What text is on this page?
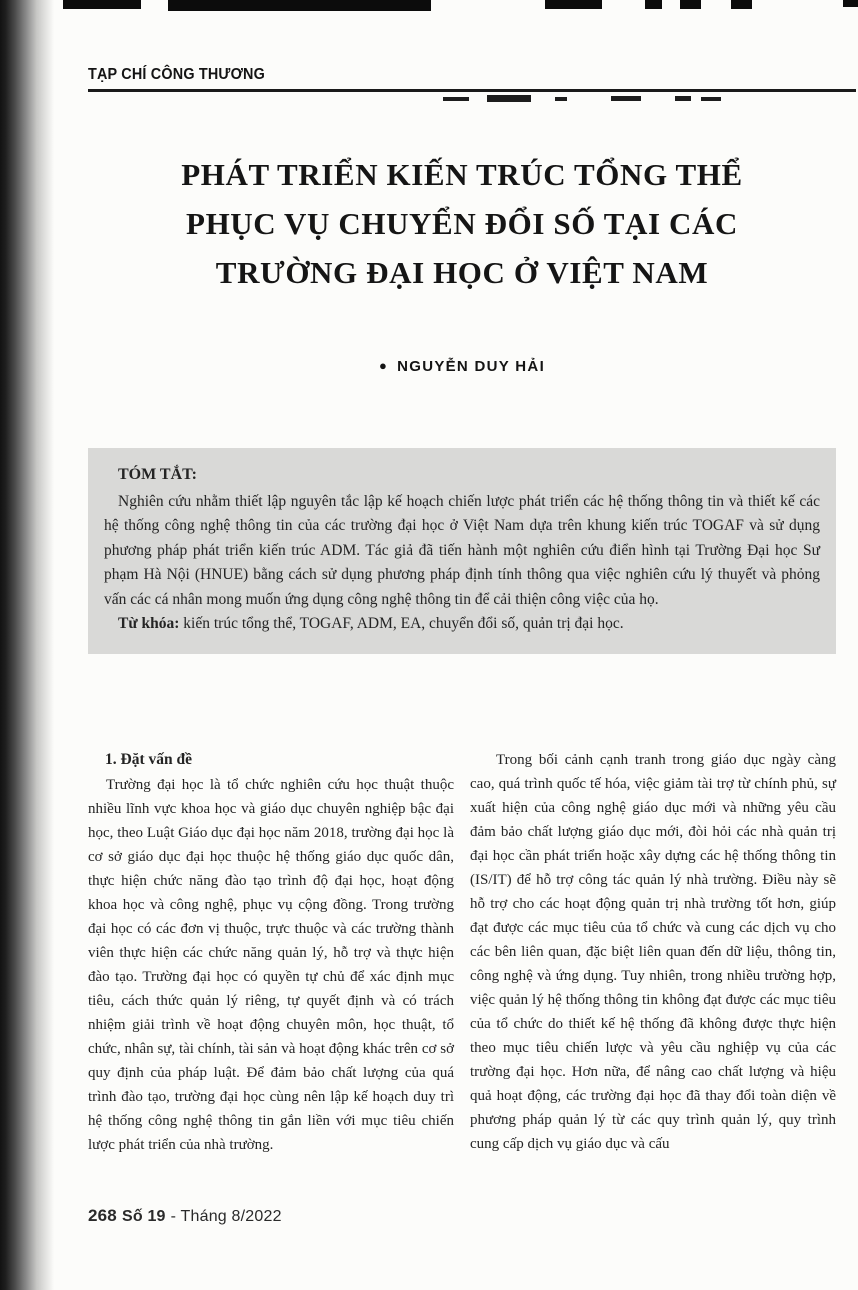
TẠP CHÍ CÔNG THƯƠNG
PHÁT TRIỂN KIẾN TRÚC TỔNG THỂ
PHỤC VỤ CHUYỂN ĐỔI SỐ TẠI CÁC
TRƯỜNG ĐẠI HỌC Ở VIỆT NAM
● NGUYỄN DUY HẢI
TÓM TẮT:

Nghiên cứu nhằm thiết lập nguyên tắc lập kế hoạch chiến lược phát triển các hệ thống thông tin và thiết kế các hệ thống công nghệ thông tin của các trường đại học ở Việt Nam dựa trên khung kiến trúc TOGAF và sử dụng phương pháp phát triển kiến trúc ADM. Tác giả đã tiến hành một nghiên cứu điển hình tại Trường Đại học Sư phạm Hà Nội (HNUE) bằng cách sử dụng phương pháp định tính thông qua việc nghiên cứu lý thuyết và phỏng vấn các cá nhân mong muốn ứng dụng công nghệ thông tin để cải thiện công việc của họ.

Từ khóa: kiến trúc tổng thể, TOGAF, ADM, EA, chuyển đổi số, quản trị đại học.

1. Đặt vấn đề

Trường đại học là tổ chức nghiên cứu học thuật thuộc nhiều lĩnh vực khoa học và giáo dục chuyên nghiệp bậc đại học, theo Luật Giáo dục đại học năm 2018, trường đại học là cơ sở giáo dục đại học thuộc hệ thống giáo dục quốc dân, thực hiện chức năng đào tạo trình độ đại học, hoạt động khoa học và công nghệ, phục vụ cộng đồng. Trong trường đại học có các đơn vị thuộc, trực thuộc và các trường thành viên thực hiện các chức năng quản lý, hỗ trợ và thực hiện đào tạo. Trường đại học có quyền tự chủ để xác định mục tiêu, cách thức quản lý riêng, tự quyết định và có trách nhiệm giải trình về hoạt động chuyên môn, học thuật, tổ chức, nhân sự, tài chính, tài sản và hoạt động khác trên cơ sở quy định của pháp luật. Để đảm bảo chất lượng của quá trình đào tạo, trường đại học cùng nên lập kế hoạch duy trì hệ thống công nghệ thông tin gắn liền với mục tiêu chiến lược phát triển của nhà trường.

Trong bối cảnh cạnh tranh trong giáo dục ngày càng cao, quá trình quốc tế hóa, việc giảm tài trợ từ chính phủ, sự xuất hiện của công nghệ giáo dục mới và những yêu cầu đảm bảo chất lượng giáo dục mới, đòi hỏi các nhà quản trị đại học cần phát triển hoặc xây dựng các hệ thống thông tin (IS/IT) để hỗ trợ công tác quản lý nhà trường. Điều này sẽ hỗ trợ cho các hoạt động quản trị nhà trường tốt hơn, giúp đạt được các mục tiêu của tổ chức và cung các dịch vụ cho các bên liên quan, đặc biệt liên quan đến dữ liệu, thông tin, công nghệ và ứng dụng. Tuy nhiên, trong nhiều trường hợp, việc quản lý hệ thống thông tin không đạt được các mục tiêu của tổ chức do thiết kế hệ thống đã không được thực hiện theo mục tiêu chiến lược và yêu cầu nghiệp vụ của các trường đại học. Hơn nữa, để nâng cao chất lượng và hiệu quả hoạt động, các trường đại học đã thay đổi toàn diện về phương pháp quản lý từ các quy trình quản lý, quy trình cung cấp dịch vụ giáo dục và cấu

268 Số 19 - Tháng 8/2022
